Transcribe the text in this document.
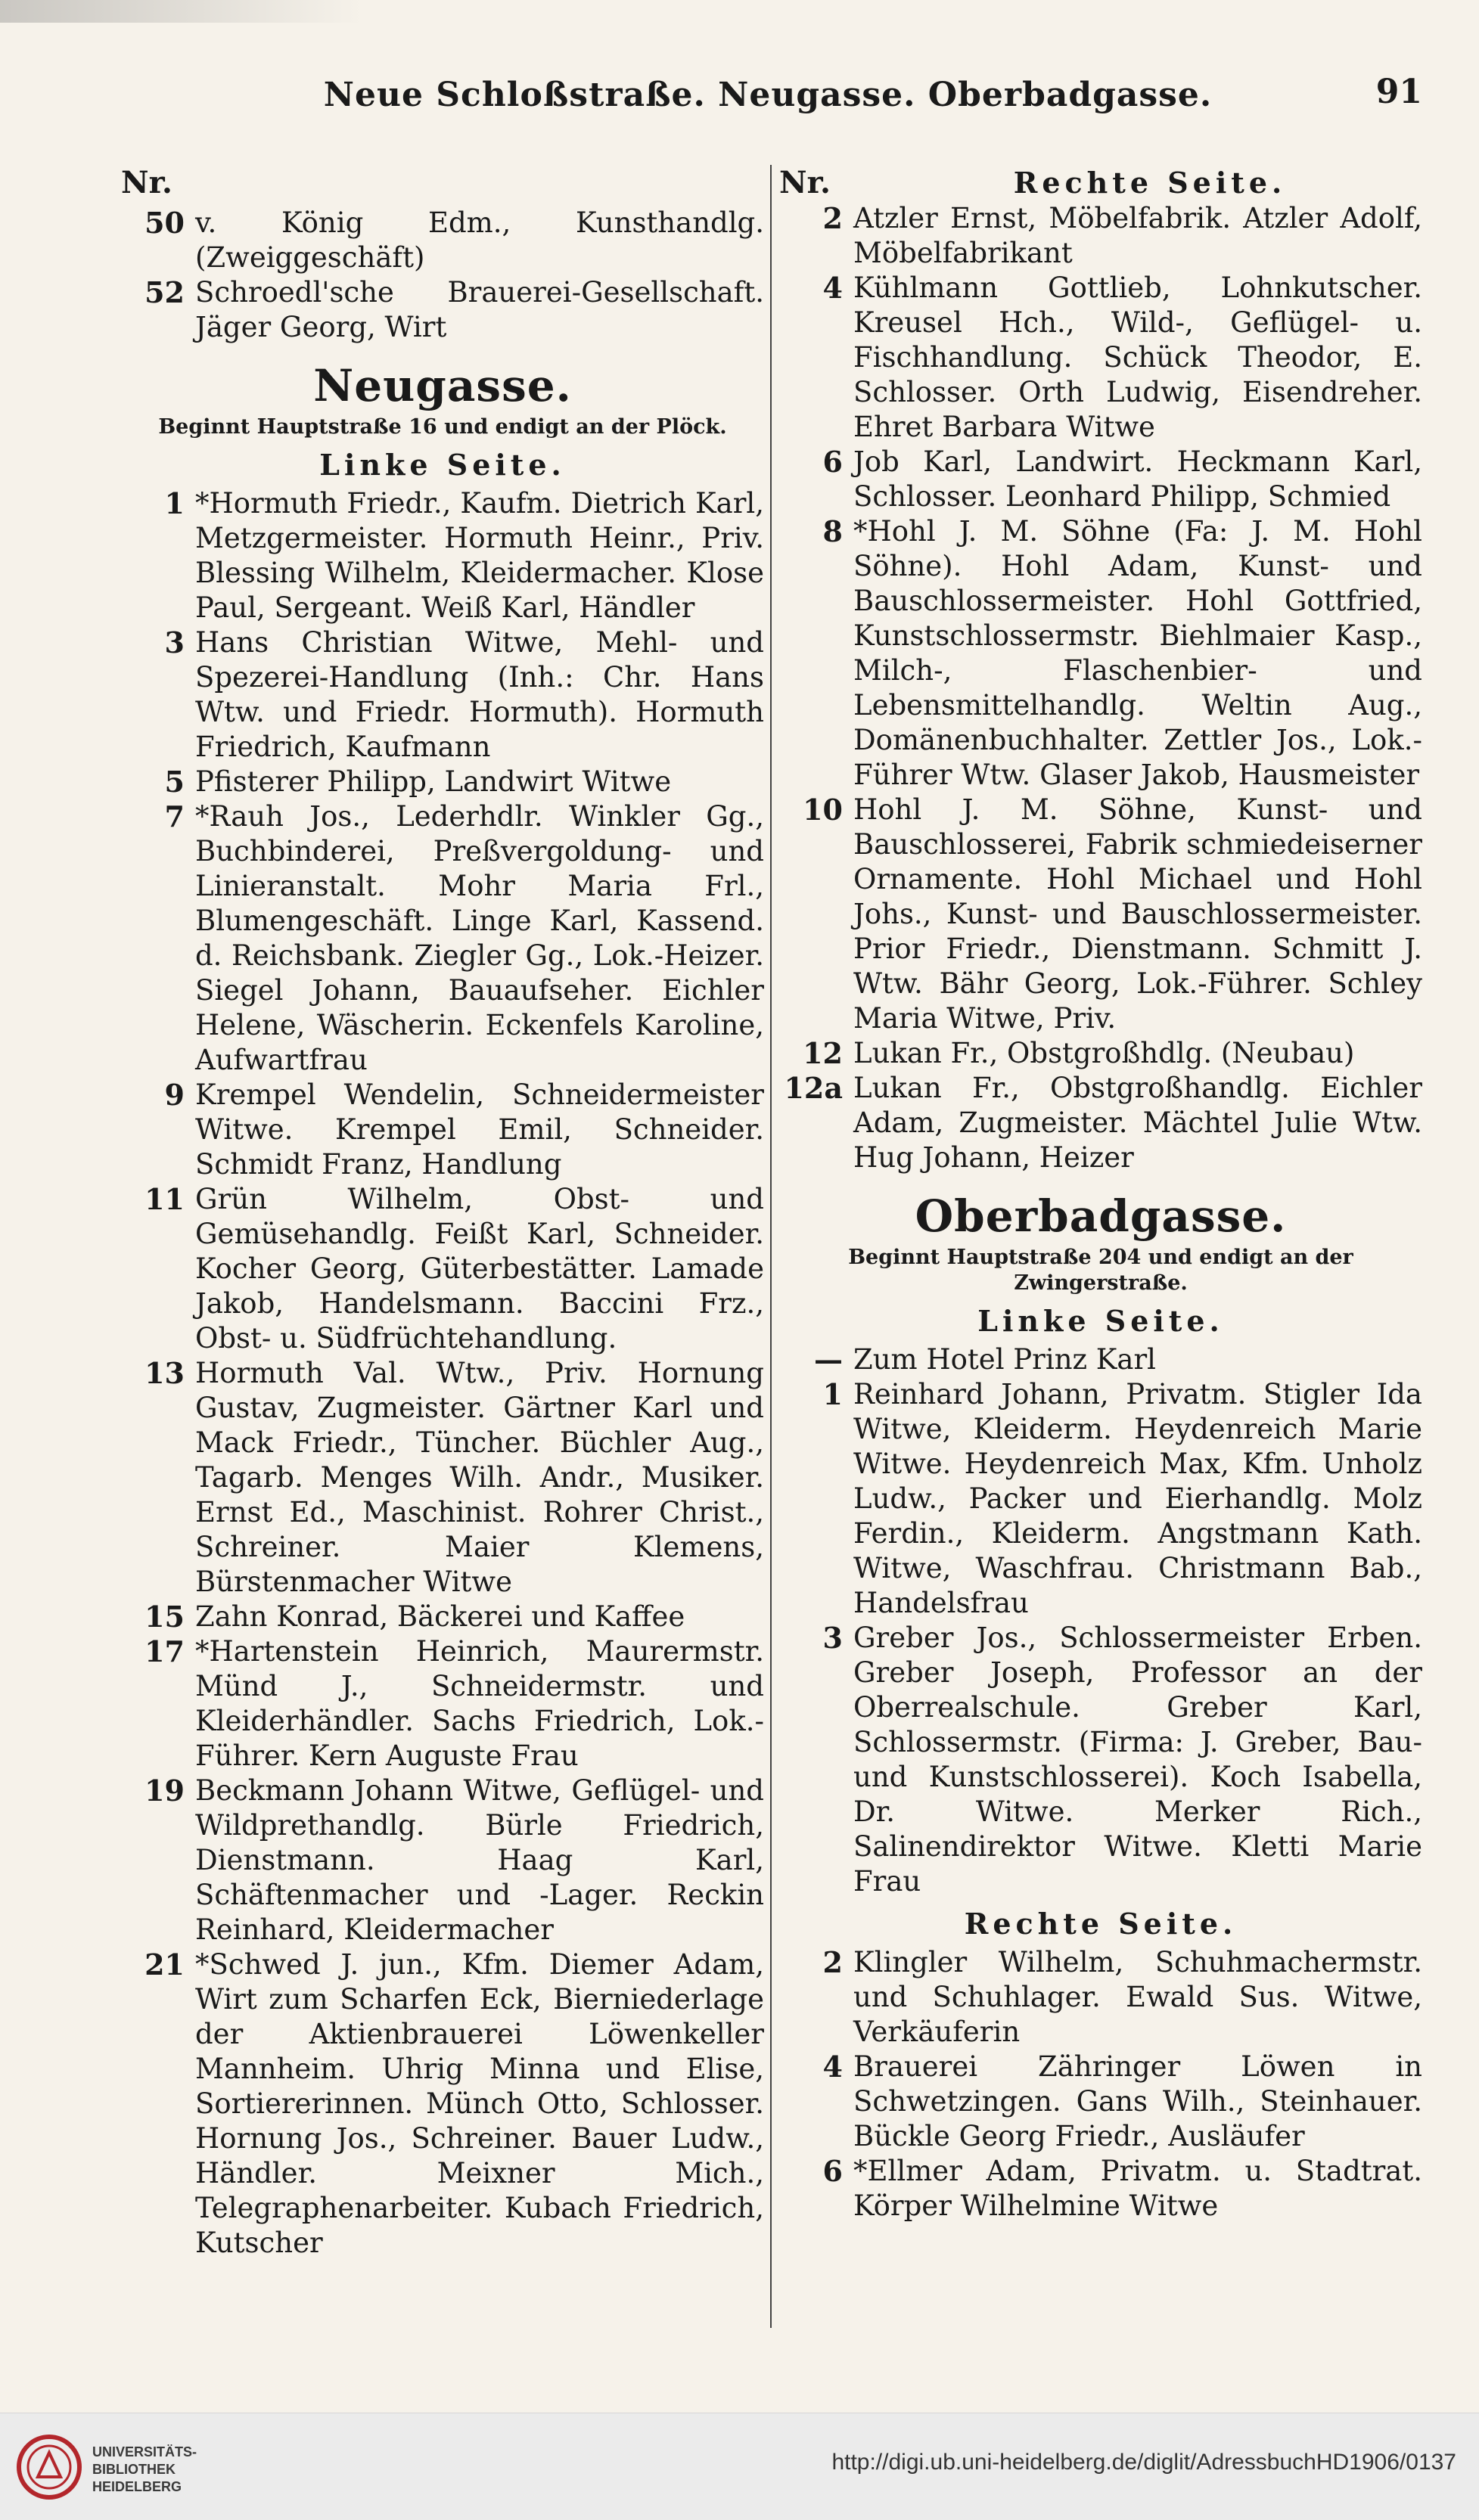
Neue Schloßstraße. Neugasse. Oberbadgasse.	91
Nr.
50 v. König Edm., Kunsthandlg. (Zweiggeschäft)
52 Schroedl'sche Brauerei-Gesellschaft. Jäger Georg, Wirt
Neugasse.
Beginnt Hauptstraße 16 und endigt an der Plöck.
Linke Seite.
1 *Hormuth Friedr., Kaufm. Dietrich Karl, Metzgermeister. Hormuth Heinr., Priv. Blessing Wilhelm, Kleidermacher. Klose Paul, Sergeant. Weiß Karl, Händler
3 Hans Christian Witwe, Mehl- und Spezerei-Handlung (Inh.: Chr. Hans Wtw. und Friedr. Hormuth). Hormuth Friedrich, Kaufmann
5 Pfisterer Philipp, Landwirt Witwe
7 *Rauh Jos., Lederhdlr. Winkler Gg., Buchbinderei, Preßvergoldung- und Linieranstalt. Mohr Maria Frl., Blumengeschäft. Linge Karl, Kassend. d. Reichsbank. Ziegler Gg., Lok.-Heizer. Siegel Johann, Bauaufseher. Eichler Helene, Wäscherin. Eckenfels Karoline, Aufwartfrau
9 Krempel Wendelin, Schneidermeister Witwe. Krempel Emil, Schneider. Schmidt Franz, Handlung
11 Grün Wilhelm, Obst- und Gemüsehandlg. Feißt Karl, Schneider. Kocher Georg, Güterbestätter. Lamade Jakob, Handelsmann. Baccini Frz., Obst- u. Südfrüchtehandlung.
13 Hormuth Val. Wtw., Priv. Hornung Gustav, Zugmeister. Gärtner Karl und Mack Friedr., Tüncher. Büchler Aug., Tagarb. Menges Wilh. Andr., Musiker. Ernst Ed., Maschinist. Rohrer Christ., Schreiner. Maier Klemens, Bürstenmacher Witwe
15 Zahn Konrad, Bäckerei und Kaffee
17 *Hartenstein Heinrich, Maurermstr. Münd J., Schneidermstr. und Kleiderhändler. Sachs Friedrich, Lok.-Führer. Kern Auguste Frau
19 Beckmann Johann Witwe, Geflügel- und Wildprethandlg. Bürle Friedrich, Dienstmann. Haag Karl, Schäftenmacher und -Lager. Reckin Reinhard, Kleidermacher
21 *Schwed J. jun., Kfm. Diemer Adam, Wirt zum Scharfen Eck, Bierniederlage der Aktienbrauerei Löwenkeller Mannheim. Uhrig Minna und Elise, Sortiererinnen. Münch Otto, Schlosser. Hornung Jos., Schreiner. Bauer Ludw., Händler. Meixner Mich., Telegraphenarbeiter. Kubach Friedrich, Kutscher
Nr.	Rechte Seite.
2 Atzler Ernst, Möbelfabrik. Atzler Adolf, Möbelfabrikant
4 Kühlmann Gottlieb, Lohnkutscher. Kreusel Hch., Wild-, Geflügel- u. Fischhandlung. Schück Theodor, E. Schlosser. Orth Ludwig, Eisendreher. Ehret Barbara Witwe
6 Job Karl, Landwirt. Heckmann Karl, Schlosser. Leonhard Philipp, Schmied
8 *Hohl J. M. Söhne (Fa: J. M. Hohl Söhne). Hohl Adam, Kunst- und Bauschlossermeister. Hohl Gottfried, Kunstschlossermstr. Biehlmaier Kasp., Milch-, Flaschenbier- und Lebensmittelhandlg. Weltin Aug., Domänenbuchhalter. Zettler Jos., Lok.-Führer Wtw. Glaser Jakob, Hausmeister
10 Hohl J. M. Söhne, Kunst- und Bauschlosserei, Fabrik schmiedeiserner Ornamente. Hohl Michael und Hohl Johs., Kunst- und Bauschlossermeister. Prior Friedr., Dienstmann. Schmitt J. Wtw. Bähr Georg, Lok.-Führer. Schley Maria Witwe, Priv.
12 Lukan Fr., Obstgroßhdlg. (Neubau)
12a Lukan Fr., Obstgroßhandlg. Eichler Adam, Zugmeister. Mächtel Julie Wtw. Hug Johann, Heizer
Oberbadgasse.
Beginnt Hauptstraße 204 und endigt an der Zwingerstraße.
Linke Seite.
— Zum Hotel Prinz Karl
1 Reinhard Johann, Privatm. Stigler Ida Witwe, Kleiderm. Heydenreich Marie Witwe. Heydenreich Max, Kfm. Unholz Ludw., Packer und Eierhandlg. Molz Ferdin., Kleiderm. Angstmann Kath. Witwe, Waschfrau. Christmann Bab., Handelsfrau
3 Greber Jos., Schlossermeister Erben. Greber Joseph, Professor an der Oberrealschule. Greber Karl, Schlossermstr. (Firma: J. Greber, Bau- und Kunstschlosserei). Koch Isabella, Dr. Witwe. Merker Rich., Salinendirektor Witwe. Kletti Marie Frau
Rechte Seite.
2 Klingler Wilhelm, Schuhmachermstr. und Schuhlager. Ewald Sus. Witwe, Verkäuferin
4 Brauerei Zähringer Löwen in Schwetzingen. Gans Wilh., Steinhauer. Bückle Georg Friedr., Ausläufer
6 *Ellmer Adam, Privatm. u. Stadtrat. Körper Wilhelmine Witwe
UNIVERSITÄTS-
BIBLIOTHEK
HEIDELBERG
http://digi.ub.uni-heidelberg.de/diglit/AdressbuchHD1906/0137
